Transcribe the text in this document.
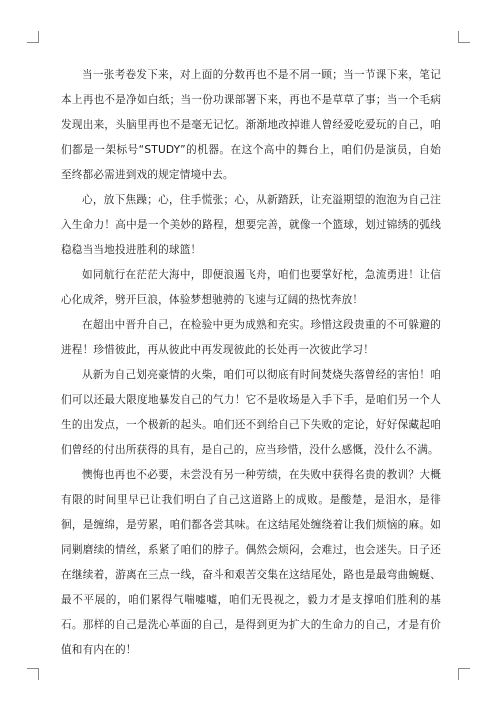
当一张考卷发下来，对上面的分数再也不是不屑一顾；当一节课下来，笔记本上再也不是净如白纸；当一份功课部署下来，再也不是草草了事；当一个毛病发现出来，头脑里再也不是毫无记忆。渐渐地改掉谁人曾经爱吃爱玩的自己，咱们都是一架标号“STUDY”的机器。在这个高中的舞台上，咱们仍是演员，自始至终都必需进到戏的规定情境中去。

心，放下焦躁；心，住手慌张；心，从新踏跃，让充溢期望的泡泡为自己注入生命力！高中是一个美妙的路程，想要完善，就像一个篮球，划过锦绣的弧线稳稳当当地投进胜利的球篮！

如同航行在茫茫大海中，即便浪遏飞舟，咱们也要掌好柁，急流勇进！让信心化成斧，劈开巨浪，体验梦想驰骋的飞速与辽阔的热忱奔放！

在超出中晋升自己，在检验中更为成熟和充实。珍惜这段贵重的不可躲避的进程！珍惜彼此，再从彼此中再发现彼此的长处再一次彼此学习！

从新为自己划亮豪情的火柴，咱们可以彻底有时间焚烧失落曾经的害怕！咱们可以还最大限度地暴发自己的气力！它不是收场是入手下手，是咱们另一个人生的出发点，一个极新的起头。咱们还不到给自己下失败的定论，好好保藏起咱们曾经的付出所获得的具有，是自己的，应当珍惜，没什么感慨，没什么不满。

懊悔也再也不必要，未尝没有另一种劳绩，在失败中获得名贵的教训？大概有限的时间里早已让我们明白了自己这道路上的成败。是酸楚，是泪水，是徘徊，是缠绵，是劳累，咱们都各尝其味。在这结尾处缠绕着让我们烦恼的麻。如同剿磨续的情丝，系紧了咱们的脖子。偶然会烦闷，会难过，也会迷失。日子还在继续着，游离在三点一线，奋斗和艰苦交集在这结尾处，路也是最弯曲蜿蜒、最不平展的，咱们累得气喘嘘嘘，咱们无畏视之，毅力才是支撑咱们胜利的基石。那样的自己是洗心革面的自己，是得到更为扩大的生命力的自己，才是有价值和有内在的！
